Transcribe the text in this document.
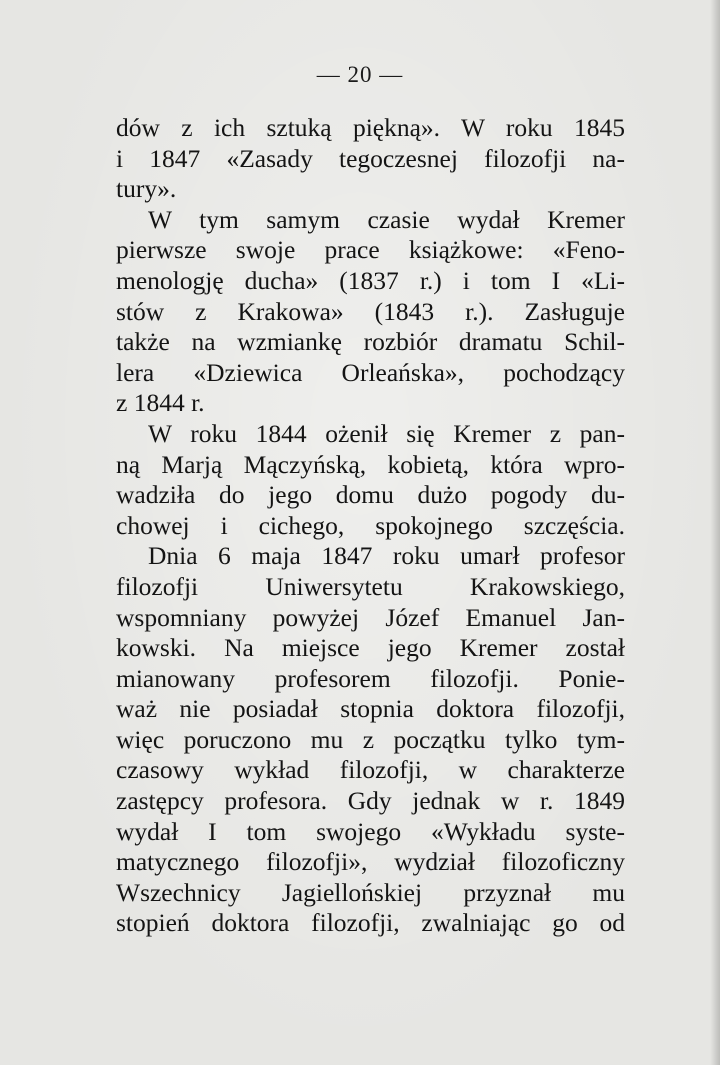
— 20 —
dów z ich sztuką piękną». W roku 1845
i 1847 «Zasady tegoczesnej filozofji na-
tury».
W tym samym czasie wydał Kremer
pierwsze swoje prace książkowe: «Feno-
menologję ducha» (1837 r.) i tom I «Li-
stów z Krakowa» (1843 r.). Zasługuje
także na wzmiankę rozbiór dramatu Schil-
lera «Dziewica Orleańska», pochodzący
z 1844 r.
W roku 1844 ożenił się Kremer z pan-
ną Marją Mączyńską, kobietą, która wpro-
wadziła do jego domu dużo pogody du-
chowej i cichego, spokojnego szczęścia.
Dnia 6 maja 1847 roku umarł profesor
filozofji Uniwersytetu Krakowskiego,
wspomniany powyżej Józef Emanuel Jan-
kowski. Na miejsce jego Kremer został
mianowany profesorem filozofji. Ponie-
waż nie posiadał stopnia doktora filozofji,
więc poruczono mu z początku tylko tym-
czasowy wykład filozofji, w charakterze
zastępcy profesora. Gdy jednak w r. 1849
wydał I tom swojego «Wykładu syste-
matycznego filozofji», wydział filozoficzny
Wszechnicy Jagiellońskiej przyznał mu
stopień doktora filozofji, zwalniając go od
